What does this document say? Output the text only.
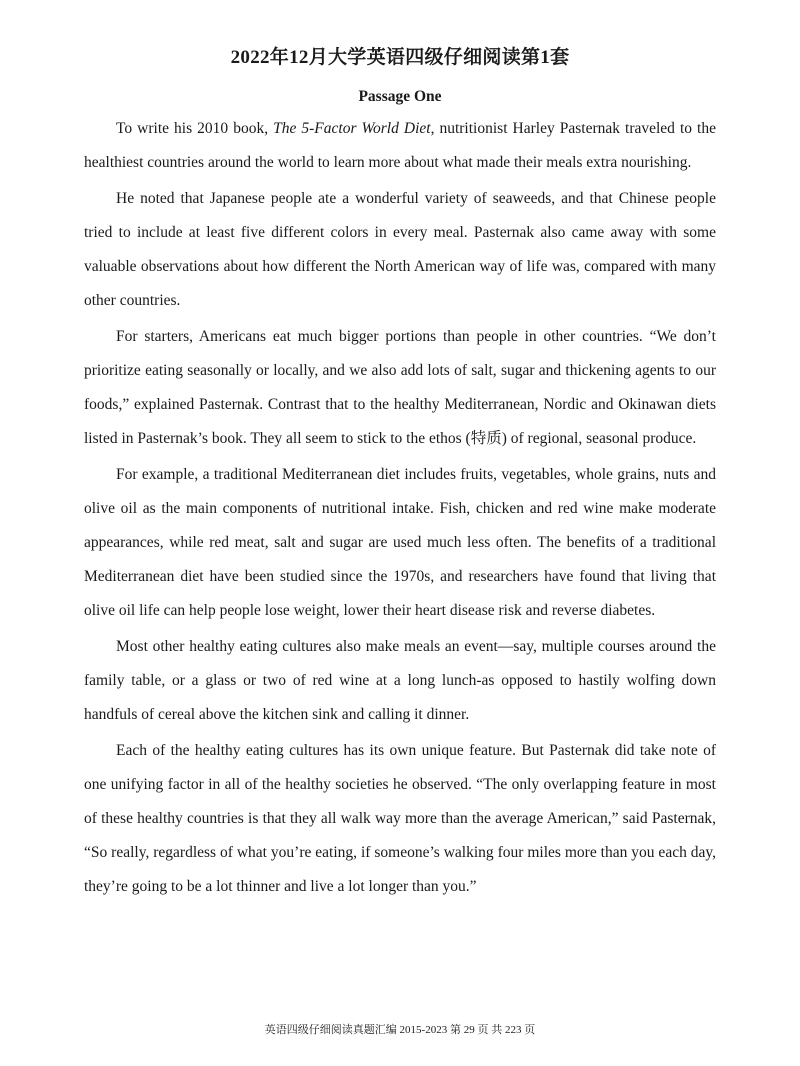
2022年12月大学英语四级仔细阅读第1套
Passage One

To write his 2010 book, The 5-Factor World Diet, nutritionist Harley Pasternak traveled to the healthiest countries around the world to learn more about what made their meals extra nourishing.

He noted that Japanese people ate a wonderful variety of seaweeds, and that Chinese people tried to include at least five different colors in every meal. Pasternak also came away with some valuable observations about how different the North American way of life was, compared with many other countries.

For starters, Americans eat much bigger portions than people in other countries. “We don’t prioritize eating seasonally or locally, and we also add lots of salt, sugar and thickening agents to our foods,” explained Pasternak. Contrast that to the healthy Mediterranean, Nordic and Okinawan diets listed in Pasternak’s book. They all seem to stick to the ethos (特质) of regional, seasonal produce.

For example, a traditional Mediterranean diet includes fruits, vegetables, whole grains, nuts and olive oil as the main components of nutritional intake. Fish, chicken and red wine make moderate appearances, while red meat, salt and sugar are used much less often. The benefits of a traditional Mediterranean diet have been studied since the 1970s, and researchers have found that living that olive oil life can help people lose weight, lower their heart disease risk and reverse diabetes.

Most other healthy eating cultures also make meals an event—say, multiple courses around the family table, or a glass or two of red wine at a long lunch-as opposed to hastily wolfing down handfuls of cereal above the kitchen sink and calling it dinner.

Each of the healthy eating cultures has its own unique feature. But Pasternak did take note of one unifying factor in all of the healthy societies he observed. “The only overlapping feature in most of these healthy countries is that they all walk way more than the average American,” said Pasternak, “So really, regardless of what you’re eating, if someone’s walking four miles more than you each day, they’re going to be a lot thinner and live a lot longer than you.”

英语四级仔细阅读真题汇编 2015-2023 第 29 页 共 223 页
